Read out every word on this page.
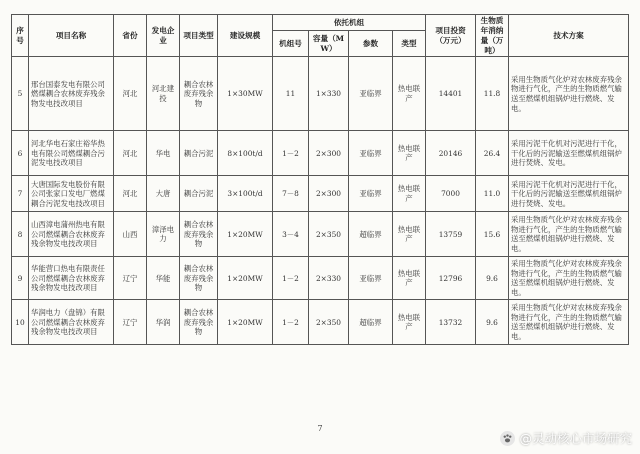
序号	项目名称	省份	发电企业	项目类型	建设规模	依托机组				项目投资（万元）	生物质年消纳量（万吨）	技术方案
						机组号	容量（MW）	参数	类型			
5	邢台国泰发电有限公司燃煤耦合农林废弃残余物发电技改项目	河北	河北建投	耦合农林废弃残余物	1×30MW	11	1×330	亚临界	热电联产	14401	11.8	采用生物质气化炉对农林废弃残余物进行气化，产生的生物质燃气输送至燃煤机组锅炉进行燃烧、发电。
6	河北华电石家庄裕华热电有限公司燃煤耦合污泥发电技改项目	河北	华电	耦合污泥	8×100t/d	1－2	2×300	亚临界	热电联产	20146	26.4	采用污泥干化机对污泥进行干化，干化后的污泥输送至燃煤机组锅炉进行焚烧、发电。
7	大唐国际发电股份有限公司张家口发电厂燃煤耦合污泥发电技改项目	河北	大唐	耦合污泥	3×100t/d	7－8	2×300	亚临界	热电联产	7000	11.0	采用污泥干化机对污泥进行干化，干化后的污泥输送至燃煤机组锅炉进行焚烧、发电。
8	山西漳电蒲州热电有限公司燃煤耦合农林废弃残余物发电技改项目	山西	漳泽电力	耦合农林废弃残余物	1×20MW	3－4	2×350	超临界	热电联产	13759	15.6	采用生物质气化炉对农林废弃残余物进行气化，产生的生物质燃气输送至燃煤机组锅炉进行燃烧、发电。
9	华能营口热电有限责任公司燃煤耦合农林废弃残余物发电技改项目	辽宁	华能	耦合农林废弃残余物	1×20MW	1－2	2×330	亚临界	热电联产	12796	9.6	采用生物质气化炉对农林废弃残余物进行气化，产生的生物质燃气输送至燃煤机组锅炉进行燃烧、发电。
10	华润电力（盘锦）有限公司燃煤耦合农林废弃残余物发电技改项目	辽宁	华润	耦合农林废弃残余物	1×20MW	1－2	2×350	超临界	热电联产	13732	9.6	采用生物质气化炉对农林废弃残余物进行气化，产生的生物质燃气输送至燃煤机组锅炉进行燃烧、发电。
7
@灵动核心市场研究
